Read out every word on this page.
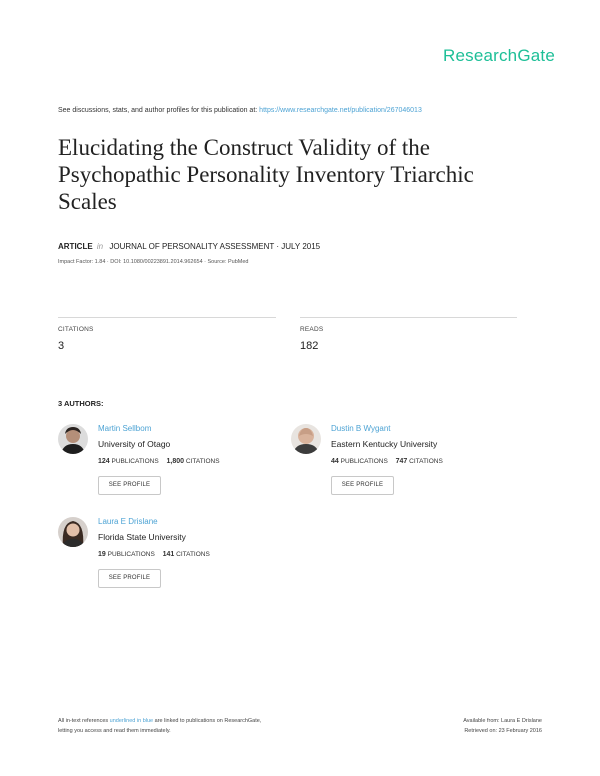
ResearchGate
See discussions, stats, and author profiles for this publication at: https://www.researchgate.net/publication/267046013
Elucidating the Construct Validity of the Psychopathic Personality Inventory Triarchic Scales
ARTICLE in JOURNAL OF PERSONALITY ASSESSMENT · JULY 2015
Impact Factor: 1.84 · DOI: 10.1080/00223891.2014.962654 · Source: PubMed
CITATIONS
3
READS
182
3 AUTHORS:
Martin Sellbom
University of Otago
124 PUBLICATIONS 1,800 CITATIONS
SEE PROFILE
Dustin B Wygant
Eastern Kentucky University
44 PUBLICATIONS 747 CITATIONS
SEE PROFILE
Laura E Drislane
Florida State University
19 PUBLICATIONS 141 CITATIONS
SEE PROFILE
All in-text references underlined in blue are linked to publications on ResearchGate,
letting you access and read them immediately.
Available from: Laura E Drislane
Retrieved on: 23 February 2016
